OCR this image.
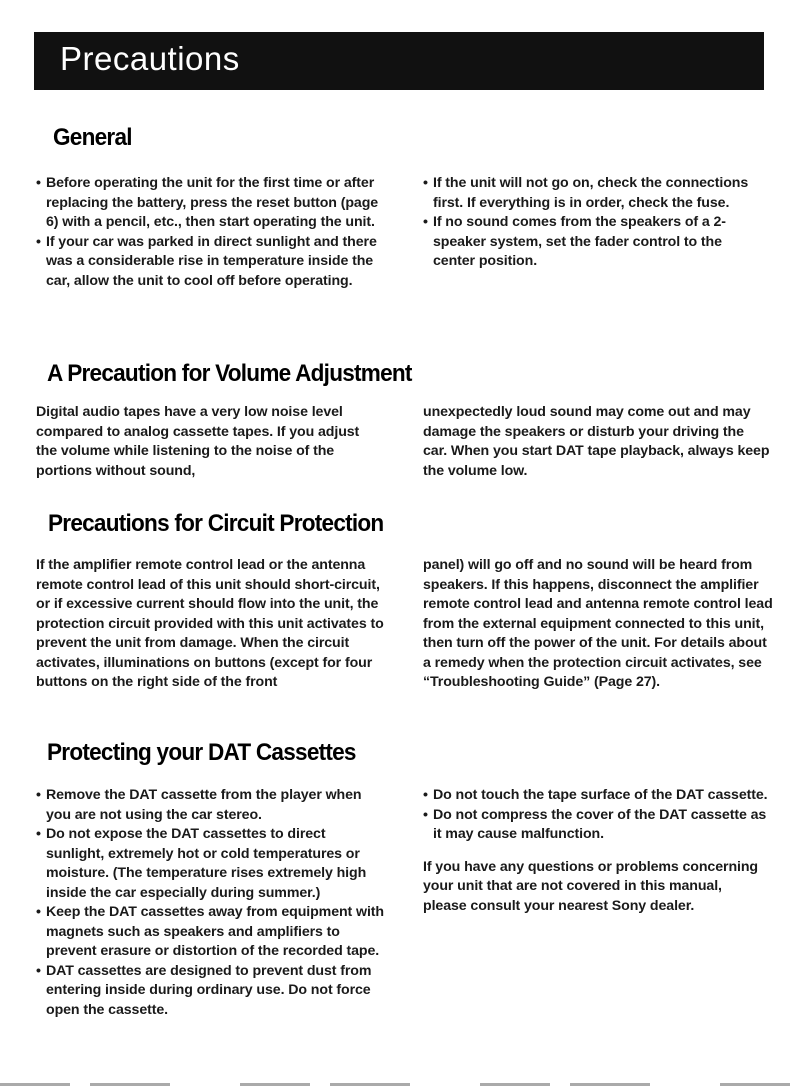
Precautions
General

• Before operating the unit for the first time or after replacing the battery, press the reset button (page 6) with a pencil, etc., then start operating the unit.

• If your car was parked in direct sunlight and there was a considerable rise in temperature inside the car, allow the unit to cool off before operating.

• If the unit will not go on, check the connections first. If everything is in order, check the fuse.

• If no sound comes from the speakers of a 2-speaker system, set the fader control to the center position.

A Precaution for Volume Adjustment
Digital audio tapes have a very low noise level compared to analog cassette tapes. If you adjust the volume while listening to the noise of the portions without sound,
unexpectedly loud sound may come out and may damage the speakers or disturb your driving the car. When you start DAT tape playback, always keep the volume low.
Precautions for Circuit Protection
If the amplifier remote control lead or the antenna remote control lead of this unit should short-circuit, or if excessive current should flow into the unit, the protection circuit provided with this unit activates to prevent the unit from damage. When the circuit activates, illuminations on buttons (except for four buttons on the right side of the front
panel) will go off and no sound will be heard from speakers. If this happens, disconnect the amplifier remote control lead and antenna remote control lead from the external equipment connected to this unit, then turn off the power of the unit. For details about a remedy when the protection circuit activates, see “Troubleshooting Guide” (Page 27).
Protecting your DAT Cassettes

• Remove the DAT cassette from the player when you are not using the car stereo.

• Do not expose the DAT cassettes to direct sunlight, extremely hot or cold temperatures or moisture. (The temperature rises extremely high inside the car especially during summer.)

• Keep the DAT cassettes away from equipment with magnets such as speakers and amplifiers to prevent erasure or distortion of the recorded tape.

• DAT cassettes are designed to prevent dust from entering inside during ordinary use. Do not force open the cassette.

• Do not touch the tape surface of the DAT cassette.

• Do not compress the cover of the DAT cassette as it may cause malfunction.

If you have any questions or problems concerning your unit that are not covered in this manual, please consult your nearest Sony dealer.
